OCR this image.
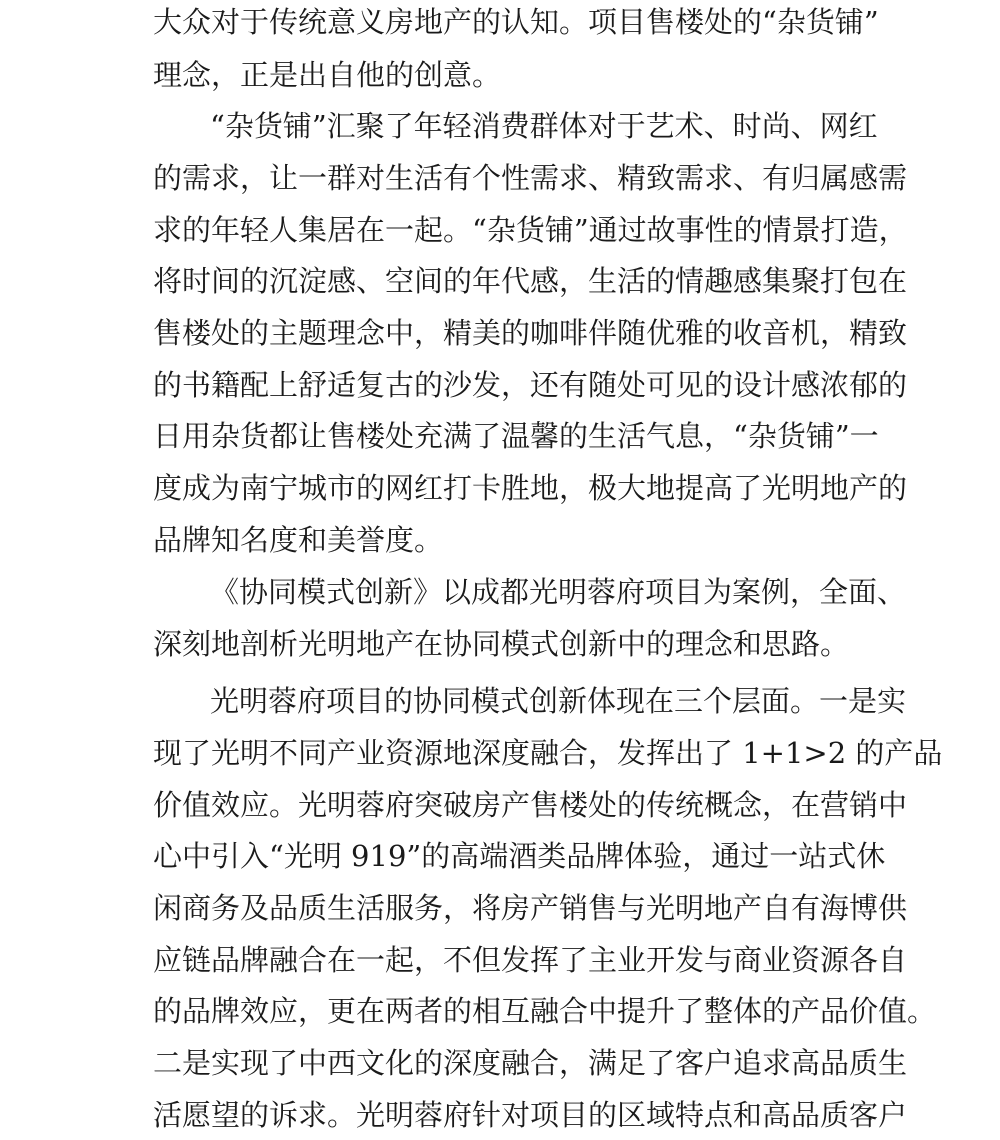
大众对于传统意义房地产的认知。项目售楼处的“杂货铺”

理念，正是出自他的创意。

“杂货铺”汇聚了年轻消费群体对于艺术、时尚、网红

的需求，让一群对生活有个性需求、精致需求、有归属感需

求的年轻人集居在一起。“杂货铺”通过故事性的情景打造，

将时间的沉淀感、空间的年代感，生活的情趣感集聚打包在

售楼处的主题理念中，精美的咖啡伴随优雅的收音机，精致

的书籍配上舒适复古的沙发，还有随处可见的设计感浓郁的

日用杂货都让售楼处充满了温馨的生活气息，“杂货铺”一

度成为南宁城市的网红打卡胜地，极大地提高了光明地产的

品牌知名度和美誉度。

《协同模式创新》以成都光明蓉府项目为案例，全面、

深刻地剖析光明地产在协同模式创新中的理念和思路。

光明蓉府项目的协同模式创新体现在三个层面。一是实

现了光明不同产业资源地深度融合，发挥出了 1+1>2 的产品

价值效应。光明蓉府突破房产售楼处的传统概念，在营销中

心中引入“光明 919”的高端酒类品牌体验，通过一站式休

闲商务及品质生活服务，将房产销售与光明地产自有海博供

应链品牌融合在一起，不但发挥了主业开发与商业资源各自

的品牌效应，更在两者的相互融合中提升了整体的产品价值。

二是实现了中西文化的深度融合，满足了客户追求高品质生

活愿望的诉求。光明蓉府针对项目的区域特点和高品质客户
